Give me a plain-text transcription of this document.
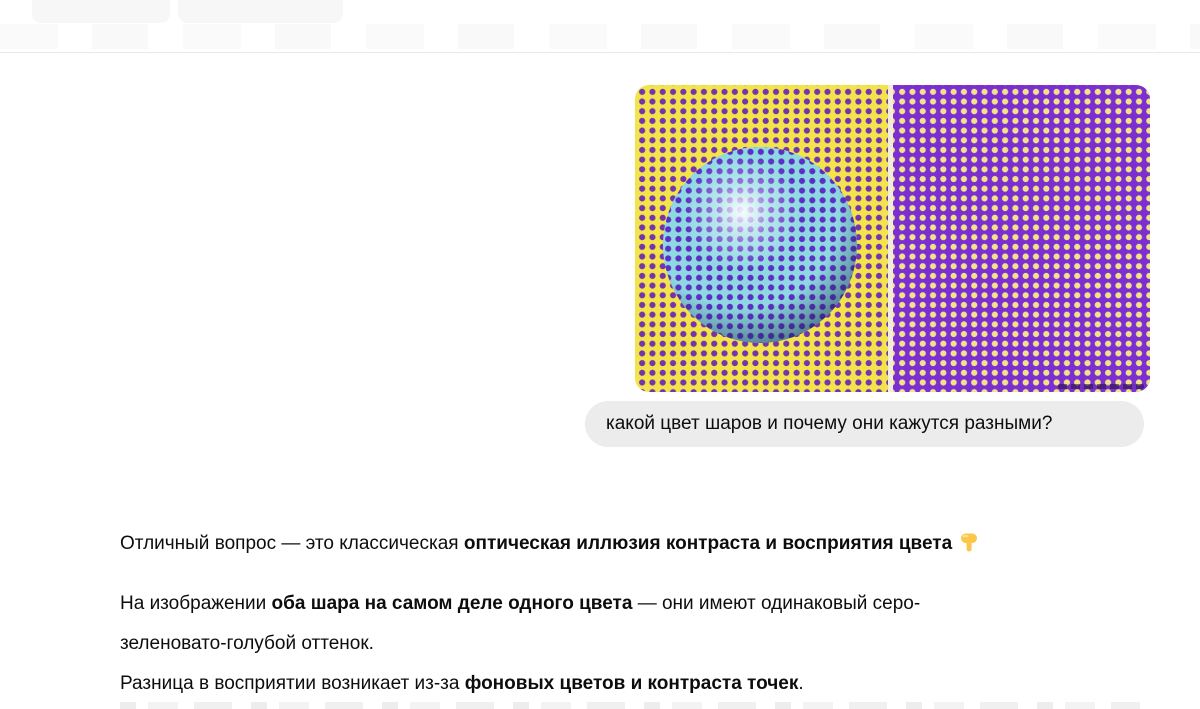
какой цвет шаров и почему они кажутся разными?

Отличный вопрос — это классическая оптическая иллюзия контраста и восприятия цвета

На изображении оба шара на самом деле одного цвета — они имеют одинаковый серо-
зеленовато-голубой оттенок.
Разница в восприятии возникает из-за фоновых цветов и контраста точек.
